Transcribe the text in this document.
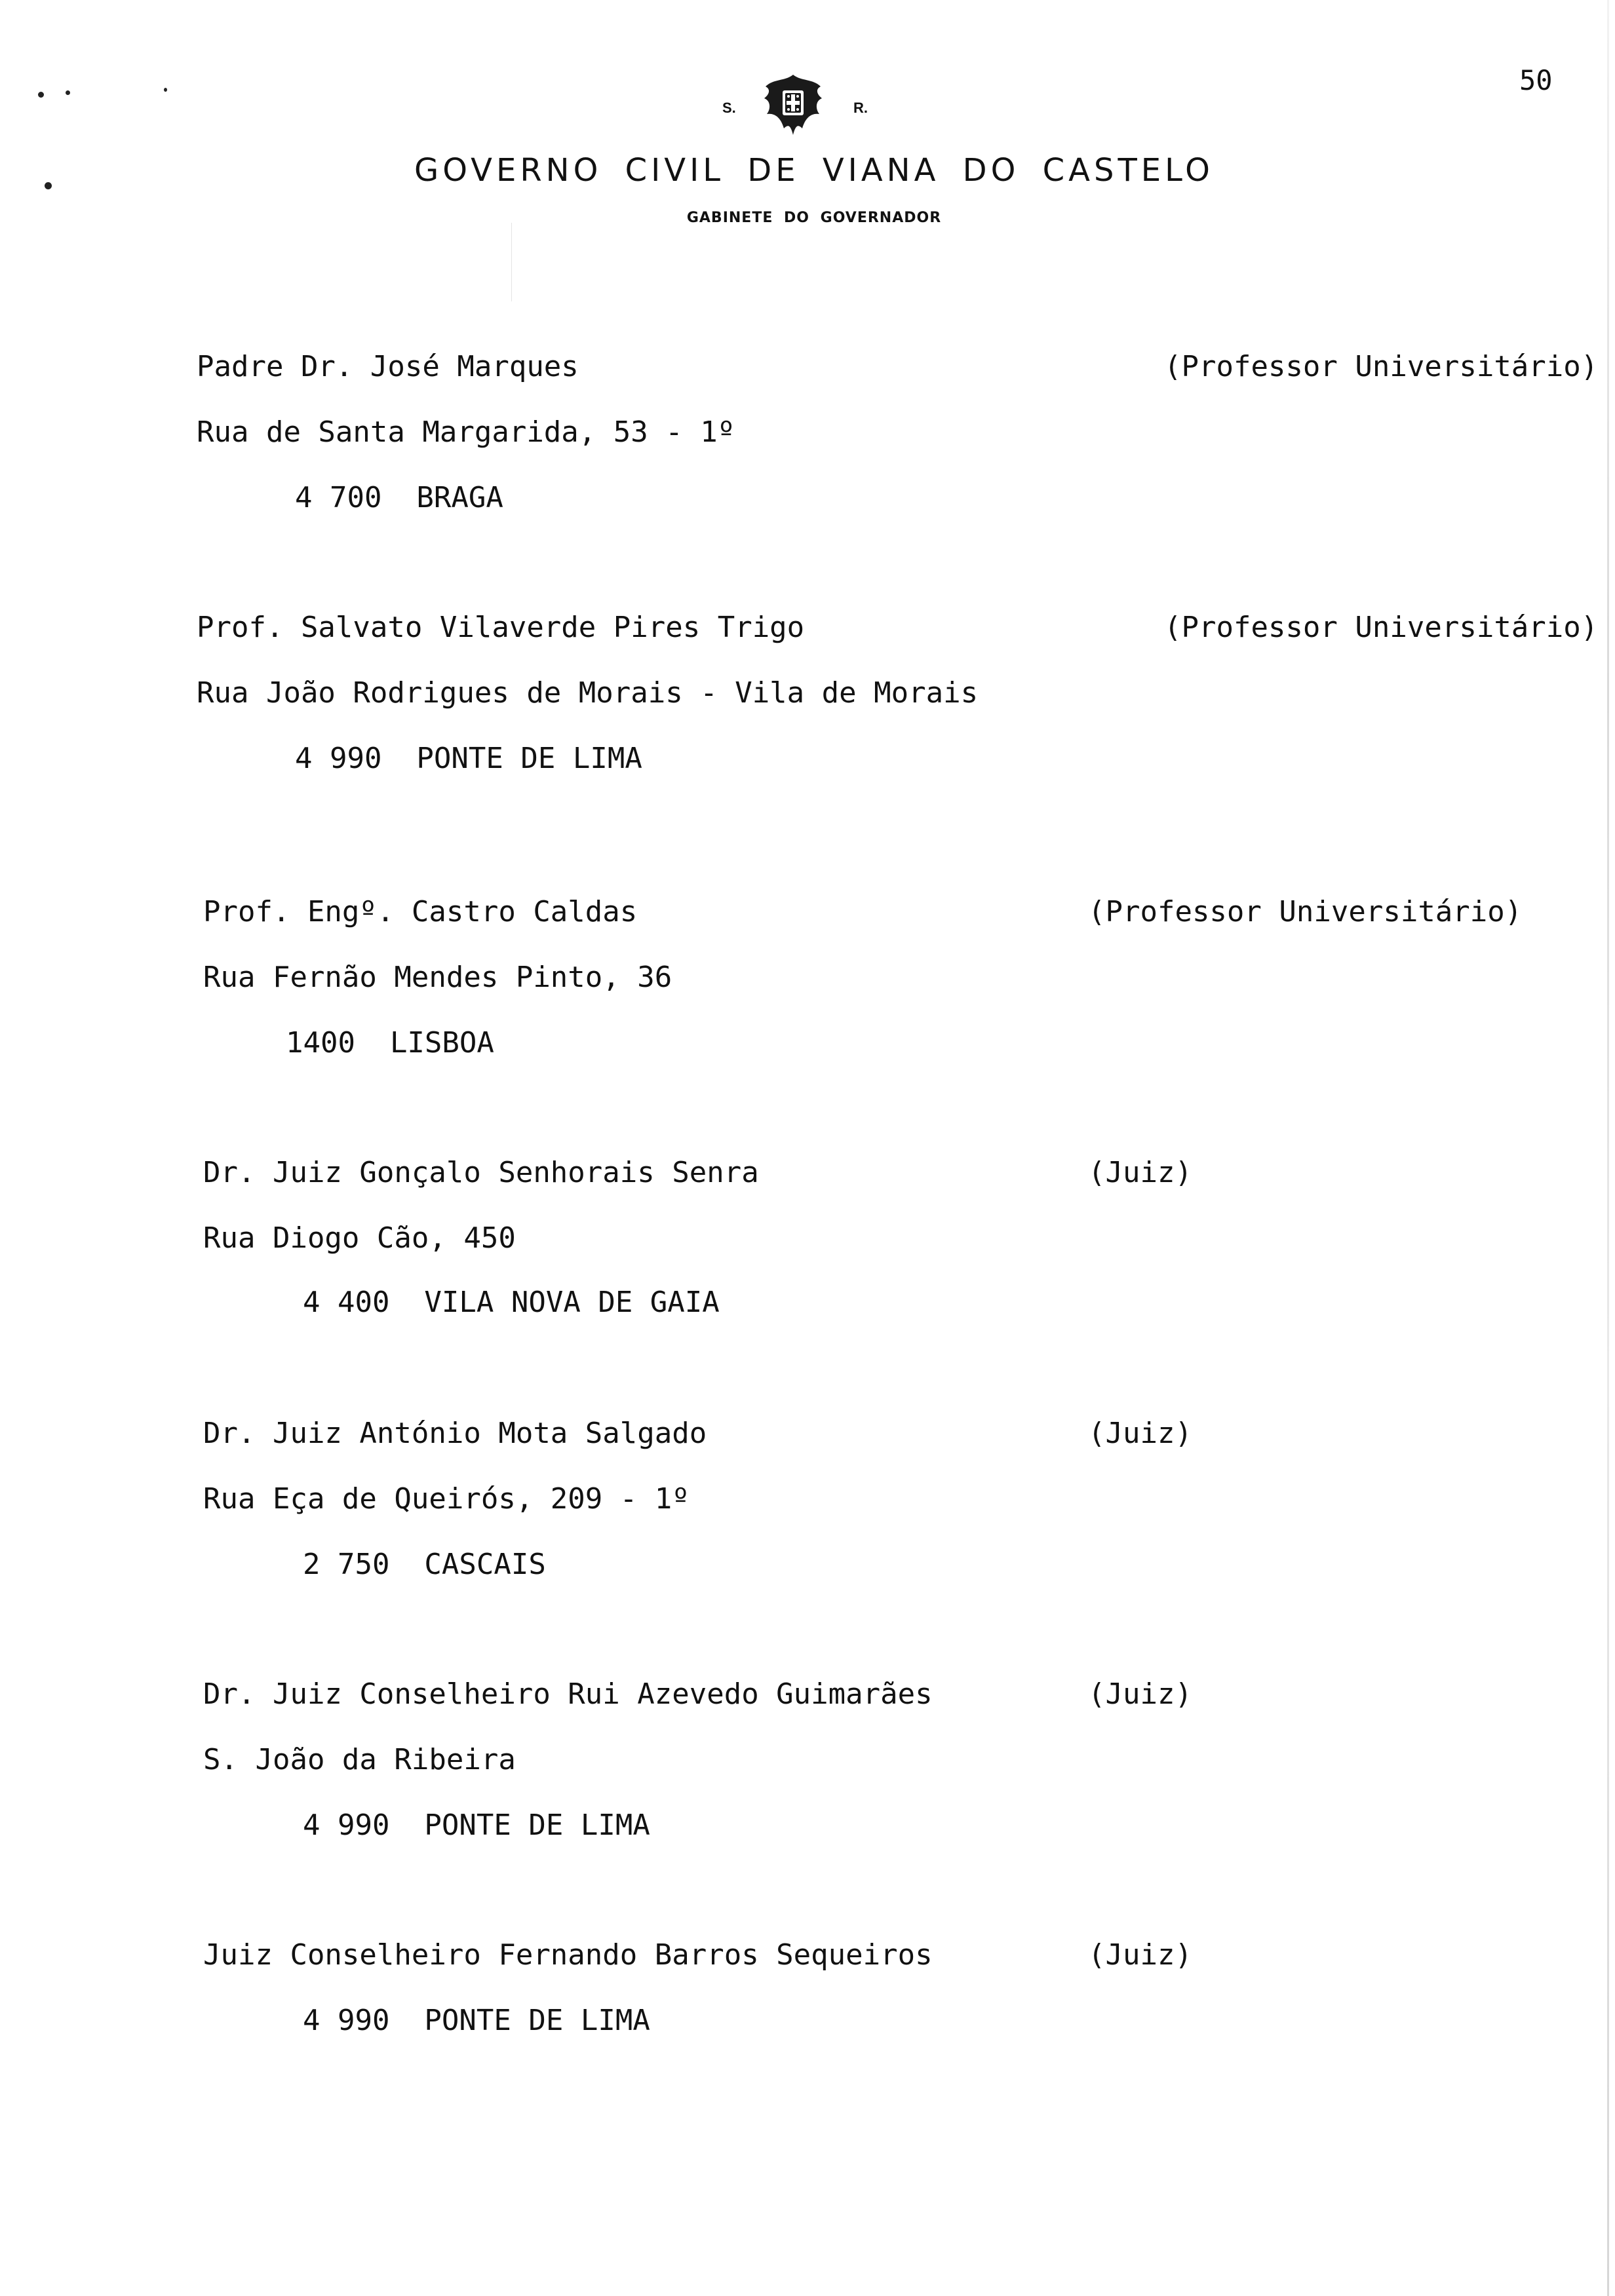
50
S.	R.
GOVERNO CIVIL DE VIANA DO CASTELO
GABINETE DO GOVERNADOR
Padre Dr. José Marques	(Professor Universitário)
Rua de Santa Margarida, 53 - 1º
4 700  BRAGA
Prof. Salvato Vilaverde Pires Trigo	(Professor Universitário)
Rua João Rodrigues de Morais - Vila de Morais
4 990  PONTE DE LIMA
Prof. Engº. Castro Caldas	(Professor Universitário)
Rua Fernão Mendes Pinto, 36
1400  LISBOA
Dr. Juiz Gonçalo Senhorais Senra	(Juiz)
Rua Diogo Cão, 450
4 400  VILA NOVA DE GAIA
Dr. Juiz António Mota Salgado	(Juiz)
Rua Eça de Queirós, 209 - 1º
2 750  CASCAIS
Dr. Juiz Conselheiro Rui Azevedo Guimarães	(Juiz)
S. João da Ribeira
4 990  PONTE DE LIMA
Juiz Conselheiro Fernando Barros Sequeiros	(Juiz)
4 990  PONTE DE LIMA
